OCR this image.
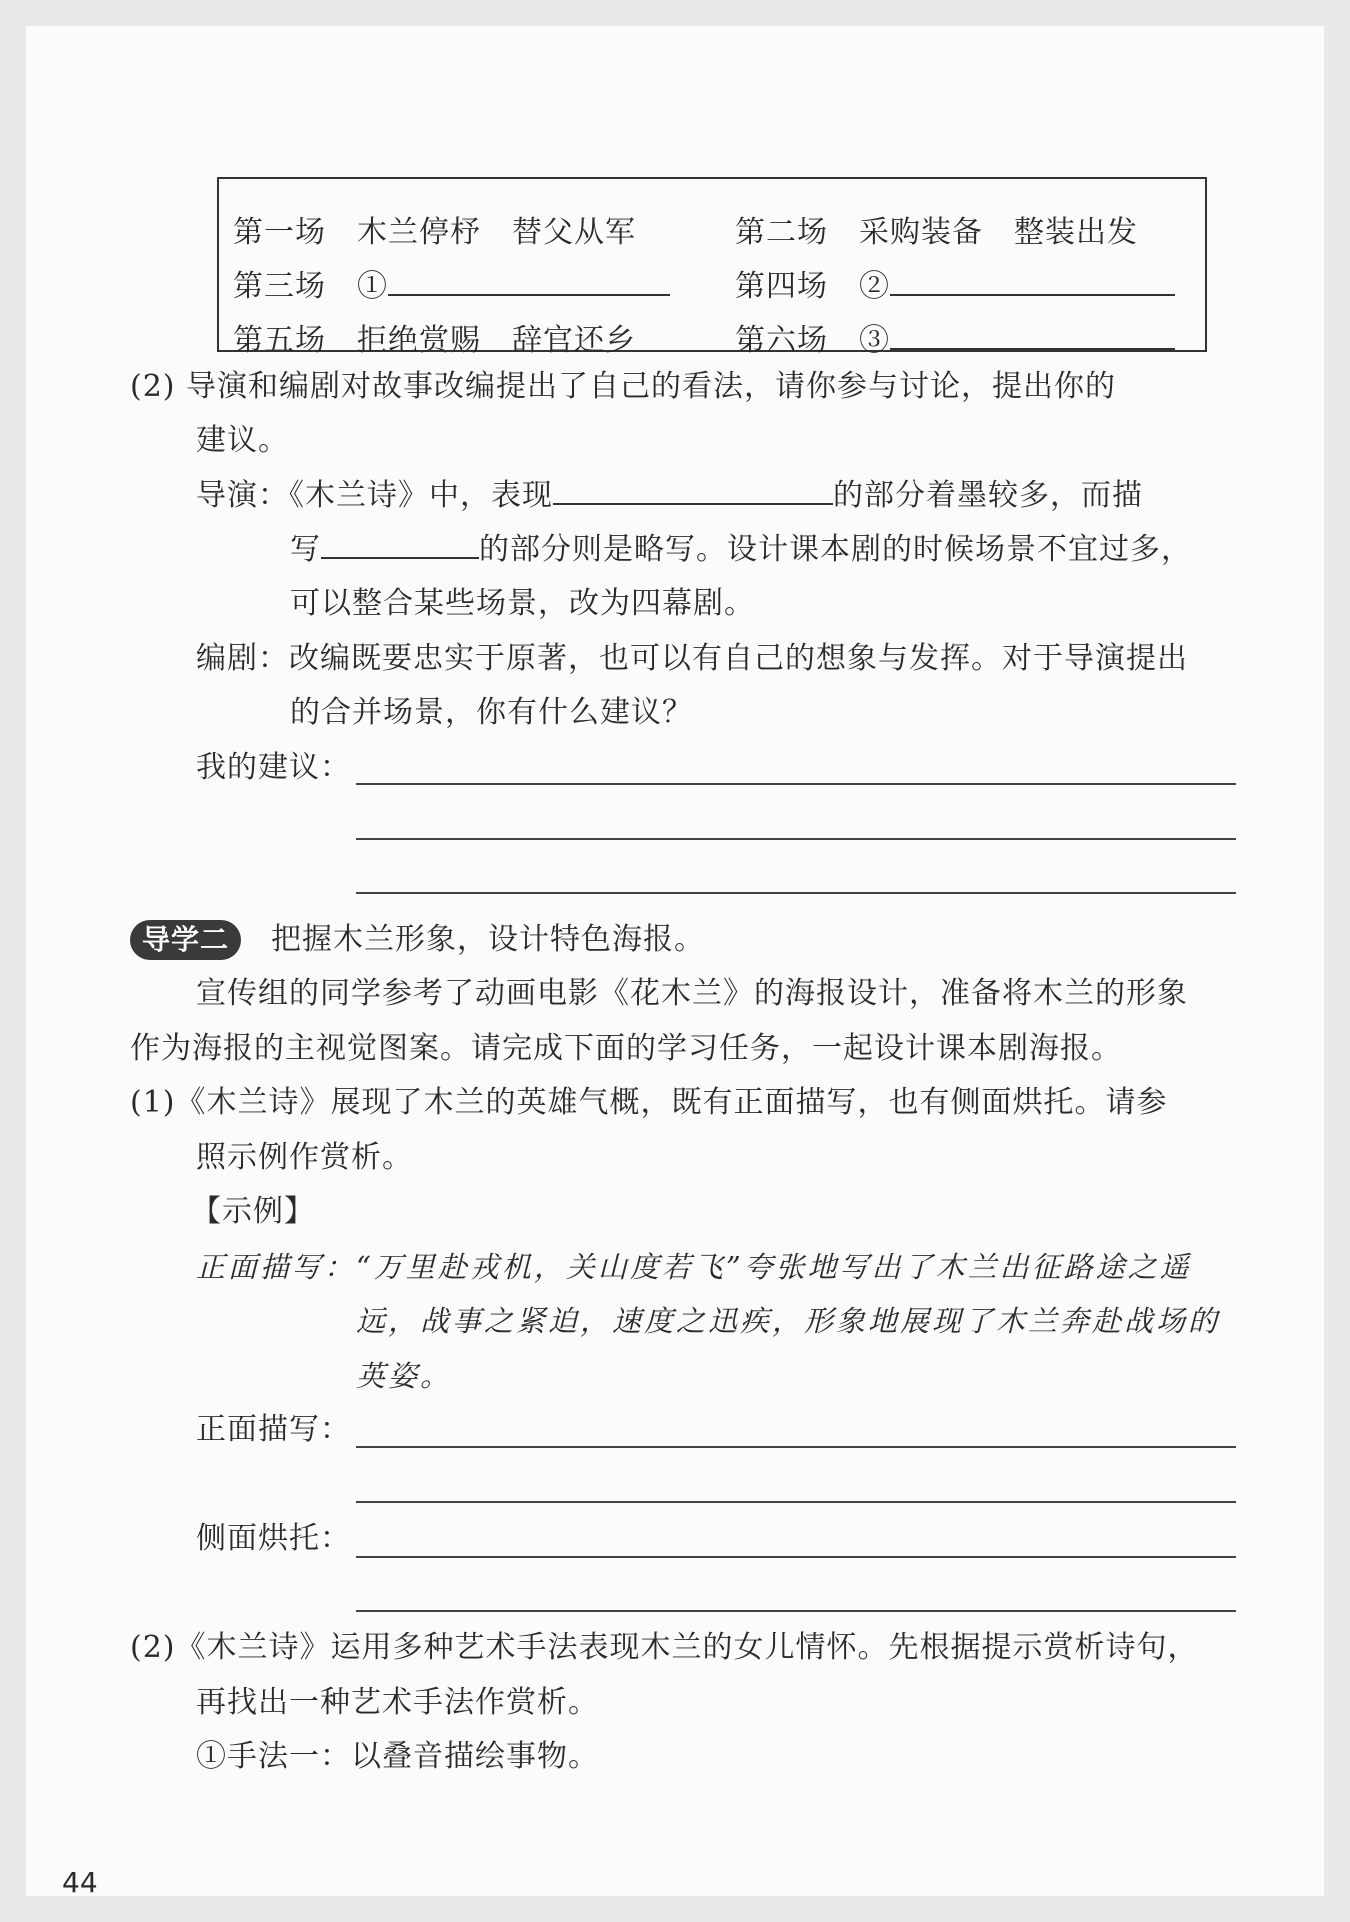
第一场　 木兰停杼　替父从军	第二场　 采购装备　整装出发
第三场　 ①	第四场　 ②
第五场　 拒绝赏赐　辞官还乡	第六场　 ③
(2) 导演和编剧对故事改编提出了自己的看法，请你参与讨论，提出你的
建议。
导演：《木兰诗》中，表现	的部分着墨较多，而描
写	的部分则是略写。设计课本剧的时候场景不宜过多，
可以整合某些场景，改为四幕剧。
编剧：改编既要忠实于原著，也可以有自己的想象与发挥。对于导演提出
的合并场景，你有什么建议？
我的建议：
导学二	把握木兰形象，设计特色海报。
宣传组的同学参考了动画电影《花木兰》的海报设计，准备将木兰的形象
作为海报的主视觉图案。请完成下面的学习任务，一起设计课本剧海报。
(1)《木兰诗》展现了木兰的英雄气概，既有正面描写，也有侧面烘托。请参
照示例作赏析。
【示例】
正面描写：“万里赴戎机，关山度若飞”夸张地写出了木兰出征路途之遥
远，战事之紧迫，速度之迅疾，形象地展现了木兰奔赴战场的
英姿。
正面描写：
侧面烘托：
(2)《木兰诗》运用多种艺术手法表现木兰的女儿情怀。先根据提示赏析诗句，
再找出一种艺术手法作赏析。
①手法一：以叠音描绘事物。
44
